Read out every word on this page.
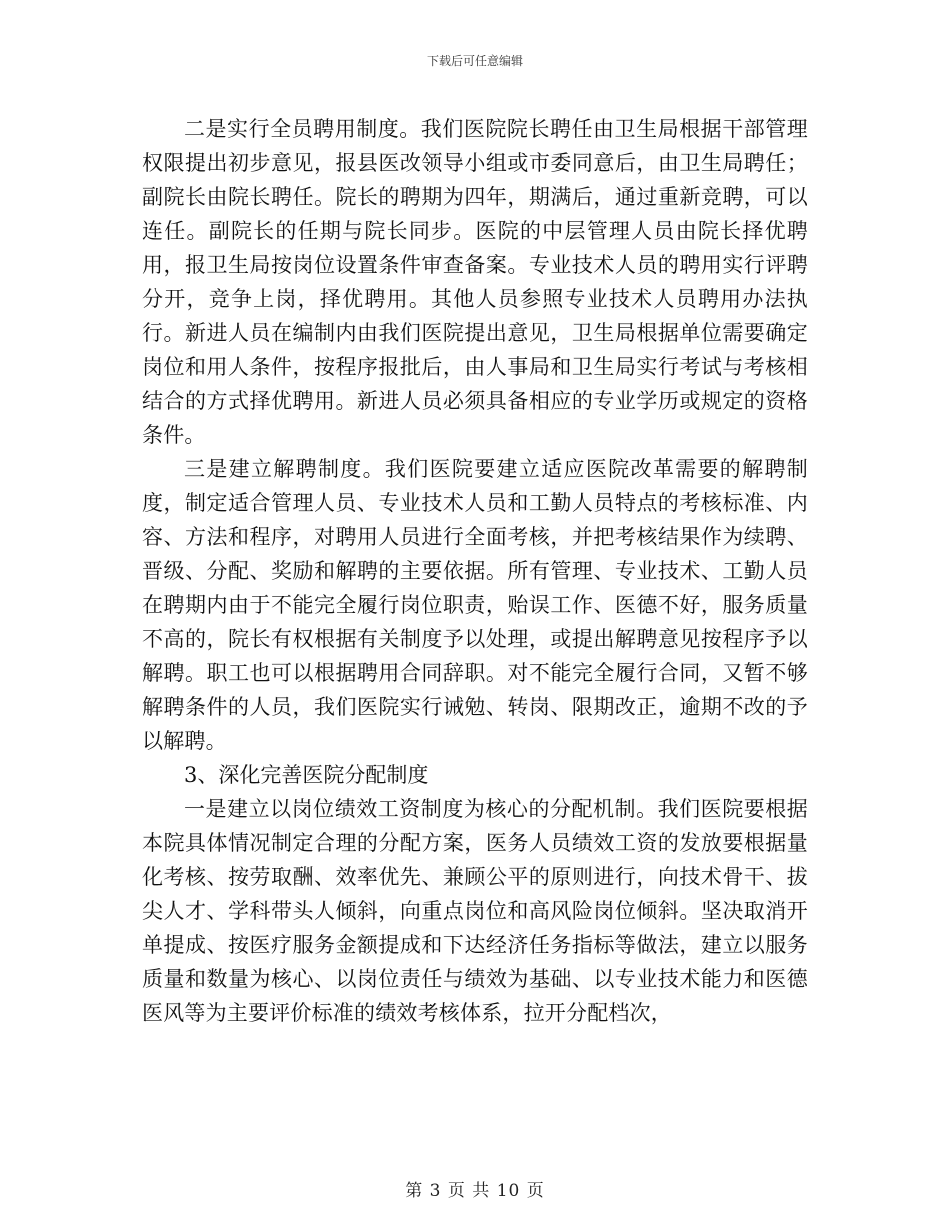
下载后可任意编辑

二是实行全员聘用制度。我们医院院长聘任由卫生局根据干部管理权限提出初步意见，报县医改领导小组或市委同意后，由卫生局聘任；副院长由院长聘任。院长的聘期为四年，期满后，通过重新竞聘，可以连任。副院长的任期与院长同步。医院的中层管理人员由院长择优聘用，报卫生局按岗位设置条件审查备案。专业技术人员的聘用实行评聘分开，竞争上岗，择优聘用。其他人员参照专业技术人员聘用办法执行。新进人员在编制内由我们医院提出意见，卫生局根据单位需要确定岗位和用人条件，按程序报批后，由人事局和卫生局实行考试与考核相结合的方式择优聘用。新进人员必须具备相应的专业学历或规定的资格条件。

三是建立解聘制度。我们医院要建立适应医院改革需要的解聘制度，制定适合管理人员、专业技术人员和工勤人员特点的考核标准、内容、方法和程序，对聘用人员进行全面考核，并把考核结果作为续聘、晋级、分配、奖励和解聘的主要依据。所有管理、专业技术、工勤人员在聘期内由于不能完全履行岗位职责，贻误工作、医德不好，服务质量不高的，院长有权根据有关制度予以处理，或提出解聘意见按程序予以解聘。职工也可以根据聘用合同辞职。对不能完全履行合同，又暂不够解聘条件的人员，我们医院实行诫勉、转岗、限期改正，逾期不改的予以解聘。

3、深化完善医院分配制度

一是建立以岗位绩效工资制度为核心的分配机制。我们医院要根据本院具体情况制定合理的分配方案，医务人员绩效工资的发放要根据量化考核、按劳取酬、效率优先、兼顾公平的原则进行，向技术骨干、拔尖人才、学科带头人倾斜，向重点岗位和高风险岗位倾斜。坚决取消开单提成、按医疗服务金额提成和下达经济任务指标等做法，建立以服务质量和数量为核心、以岗位责任与绩效为基础、以专业技术能力和医德医风等为主要评价标准的绩效考核体系，拉开分配档次，

第 3 页 共 10 页
